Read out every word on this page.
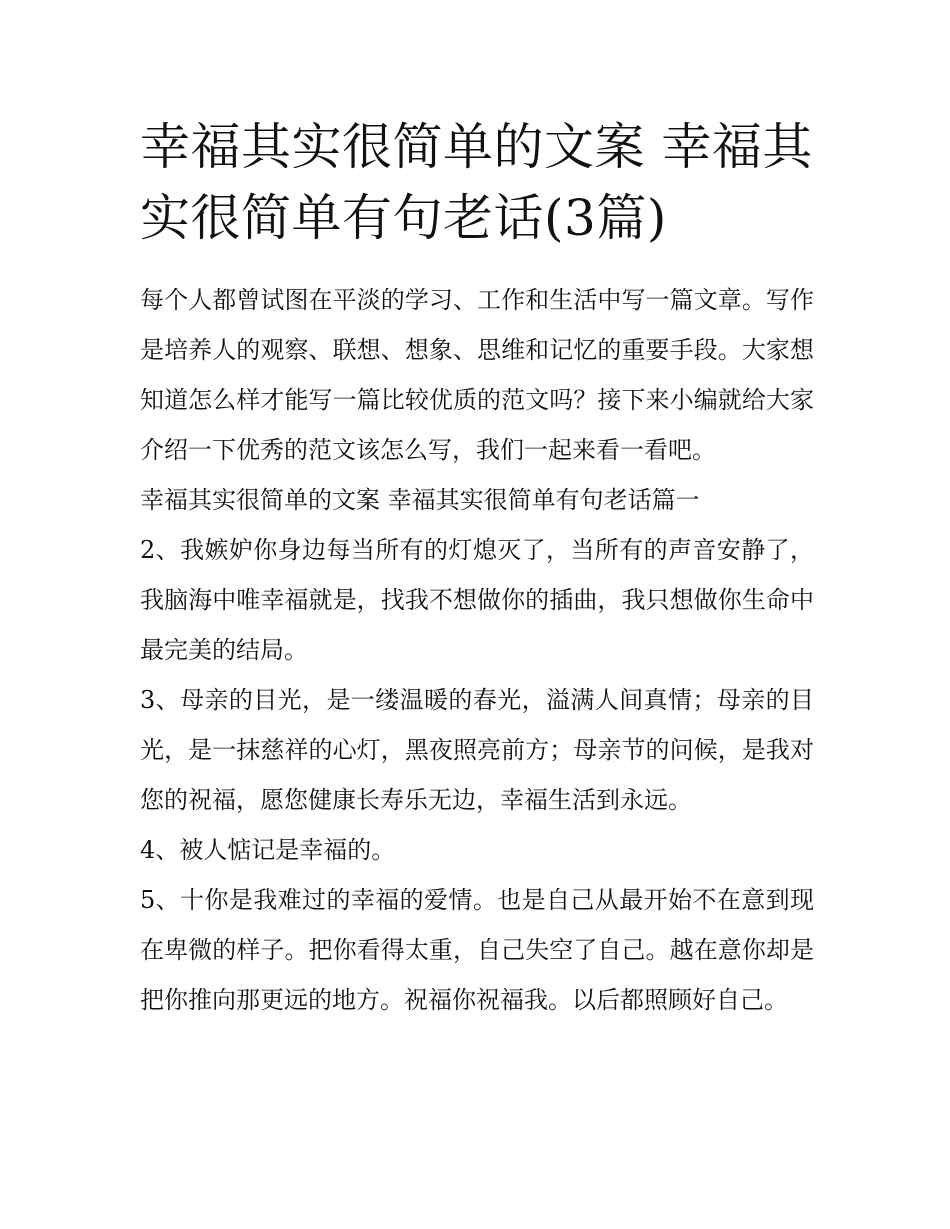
幸福其实很简单的文案 幸福其实很简单有句老话(3篇)

每个人都曾试图在平淡的学习、工作和生活中写一篇文章。写作是培养人的观察、联想、想象、思维和记忆的重要手段。大家想知道怎么样才能写一篇比较优质的范文吗？接下来小编就给大家介绍一下优秀的范文该怎么写，我们一起来看一看吧。

幸福其实很简单的文案 幸福其实很简单有句老话篇一

2、我嫉妒你身边每当所有的灯熄灭了，当所有的声音安静了，我脑海中唯幸福就是，找我不想做你的插曲，我只想做你生命中最完美的结局。

3、母亲的目光，是一缕温暖的春光，溢满人间真情；母亲的目光，是一抹慈祥的心灯，黑夜照亮前方；母亲节的问候，是我对您的祝福，愿您健康长寿乐无边，幸福生活到永远。

4、被人惦记是幸福的。

5、十你是我难过的幸福的爱情。也是自己从最开始不在意到现在卑微的样子。把你看得太重，自己失空了自己。越在意你却是把你推向那更远的地方。祝福你祝福我。以后都照顾好自己。
